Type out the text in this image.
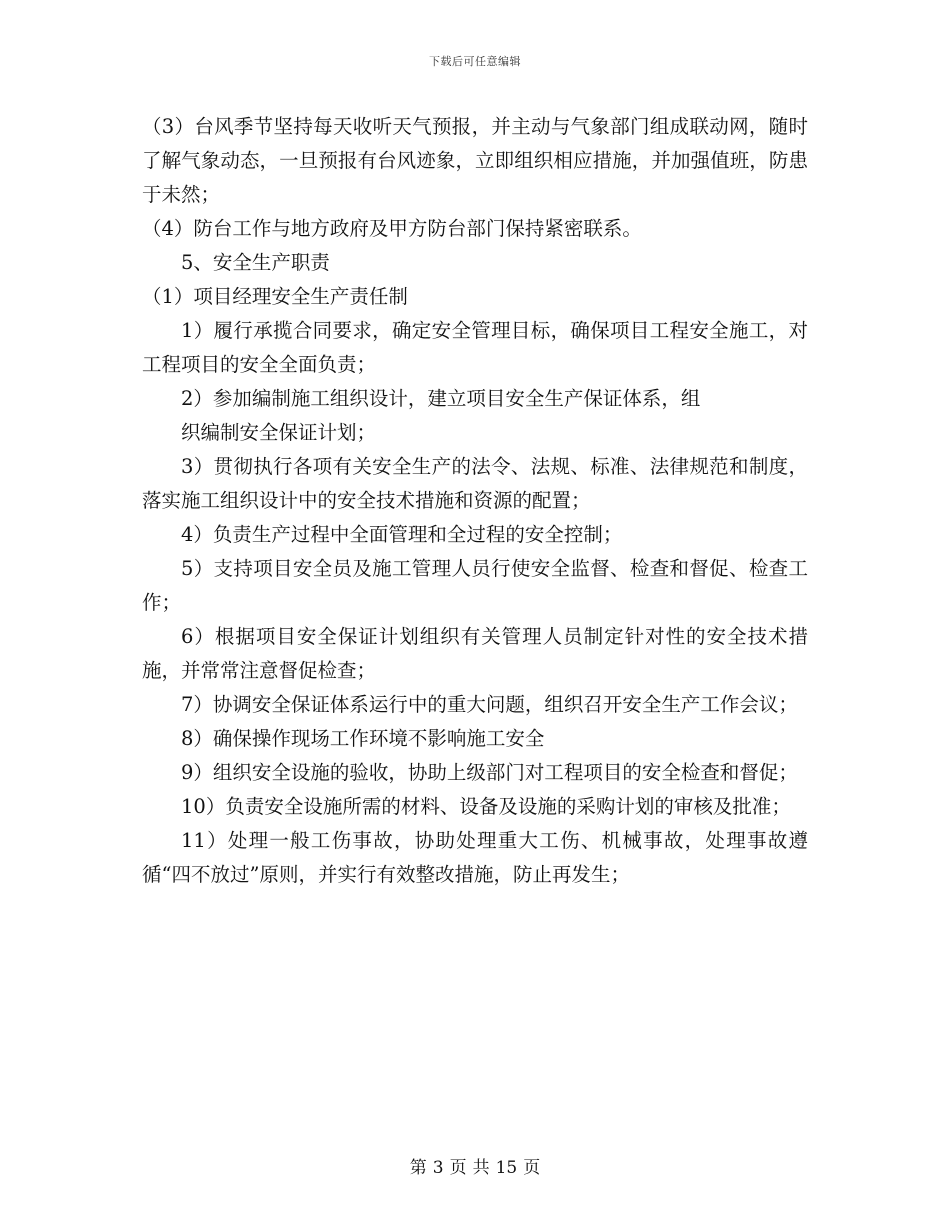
下载后可任意编辑

（3）台风季节坚持每天收听天气预报，并主动与气象部门组成联动网，随时了解气象动态，一旦预报有台风迹象，立即组织相应措施，并加强值班，防患于未然；

（4）防台工作与地方政府及甲方防台部门保持紧密联系。

5、安全生产职责

（1）项目经理安全生产责任制

1）履行承揽合同要求，确定安全管理目标，确保项目工程安全施工，对工程项目的安全全面负责；

2）参加编制施工组织设计，建立项目安全生产保证体系，组

织编制安全保证计划；

3）贯彻执行各项有关安全生产的法令、法规、标准、法律规范和制度，落实施工组织设计中的安全技术措施和资源的配置；

4）负责生产过程中全面管理和全过程的安全控制；

5）支持项目安全员及施工管理人员行使安全监督、检查和督促、检查工作；

6）根据项目安全保证计划组织有关管理人员制定针对性的安全技术措施，并常常注意督促检查；

7）协调安全保证体系运行中的重大问题，组织召开安全生产工作会议；

8）确保操作现场工作环境不影响施工安全

9）组织安全设施的验收，协助上级部门对工程项目的安全检查和督促；

10）负责安全设施所需的材料、设备及设施的采购计划的审核及批准；

11）处理一般工伤事故，协助处理重大工伤、机械事故，处理事故遵循“四不放过”原则，并实行有效整改措施，防止再发生；

第 3 页 共 15 页
